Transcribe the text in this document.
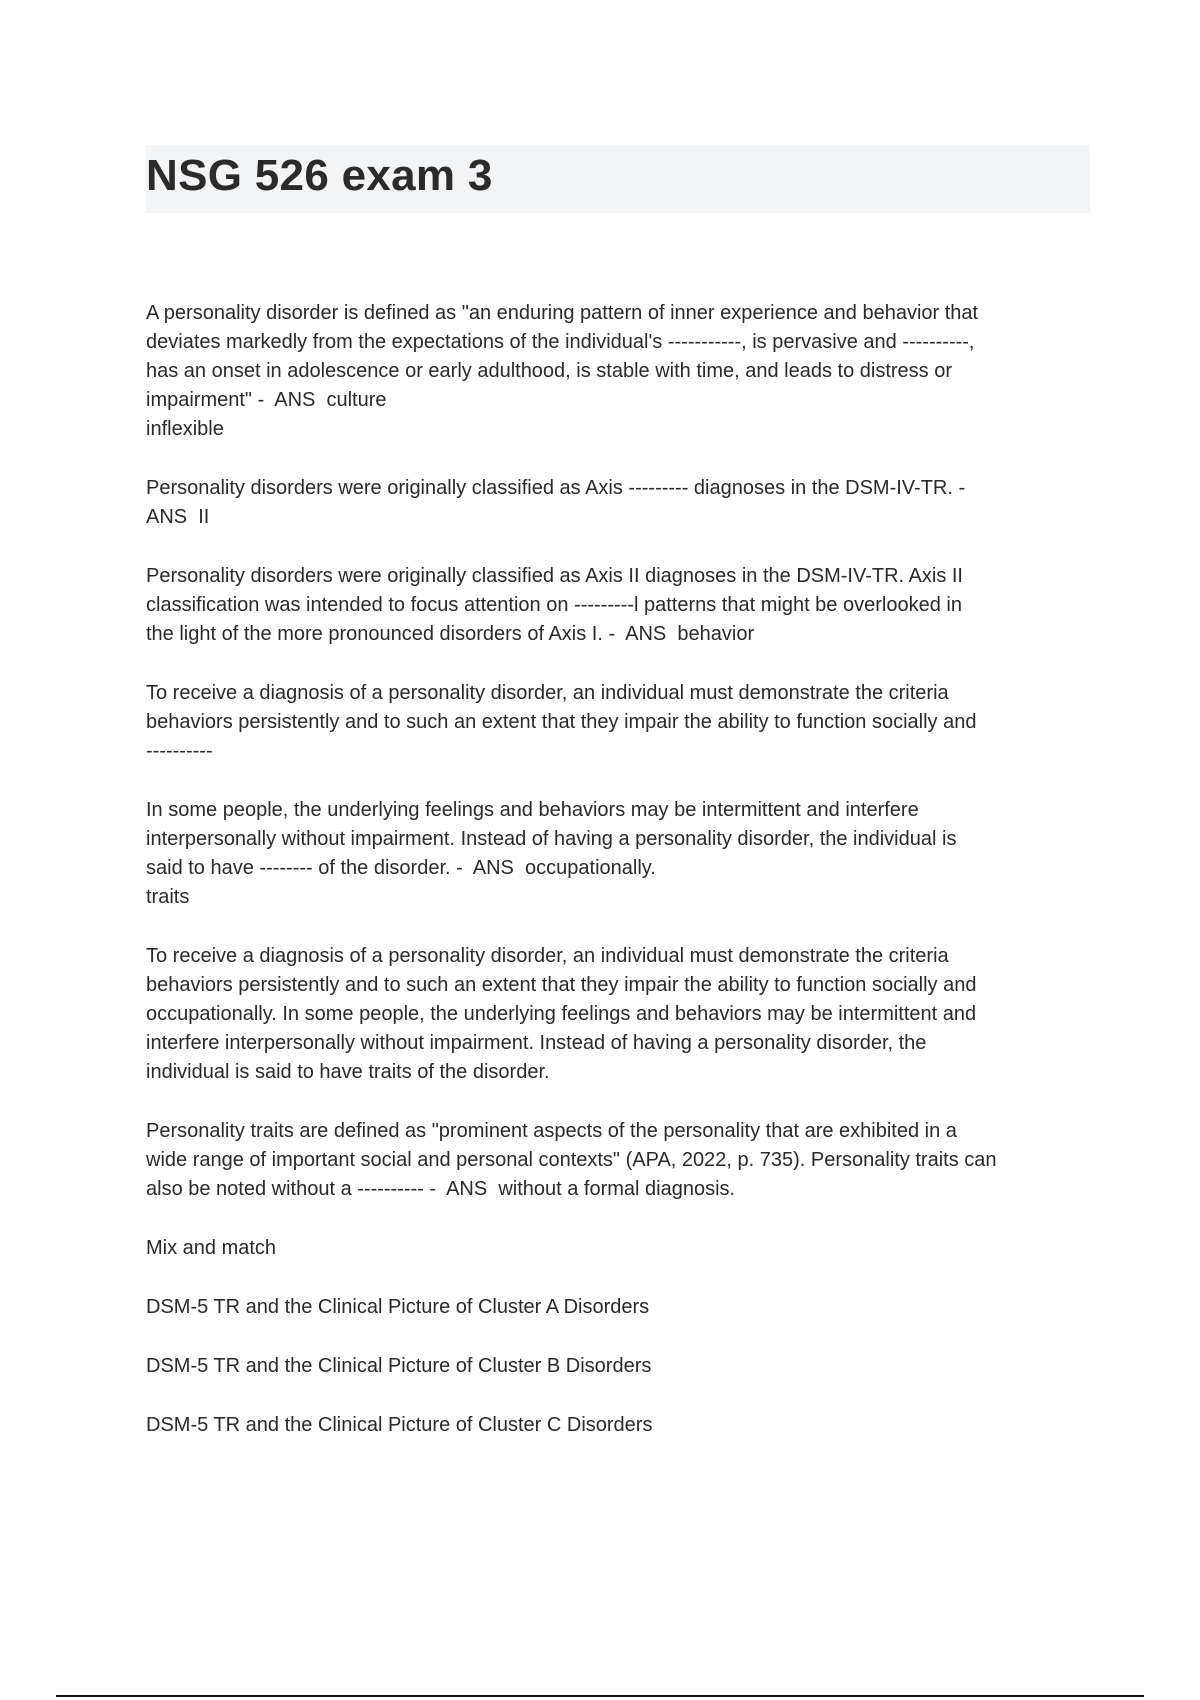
NSG 526 exam 3
A personality disorder is defined as "an enduring pattern of inner experience and behavior that
deviates markedly from the expectations of the individual's -----------, is pervasive and ----------,
has an onset in adolescence or early adulthood, is stable with time, and leads to distress or
impairment" -  ANS  culture
inflexible
Personality disorders were originally classified as Axis --------- diagnoses in the DSM-IV-TR. -
ANS  II
Personality disorders were originally classified as Axis II diagnoses in the DSM-IV-TR. Axis II
classification was intended to focus attention on ---------l patterns that might be overlooked in
the light of the more pronounced disorders of Axis I. -  ANS  behavior
To receive a diagnosis of a personality disorder, an individual must demonstrate the criteria
behaviors persistently and to such an extent that they impair the ability to function socially and
----------
In some people, the underlying feelings and behaviors may be intermittent and interfere
interpersonally without impairment. Instead of having a personality disorder, the individual is
said to have -------- of the disorder. -  ANS  occupationally.
traits
To receive a diagnosis of a personality disorder, an individual must demonstrate the criteria
behaviors persistently and to such an extent that they impair the ability to function socially and
occupationally. In some people, the underlying feelings and behaviors may be intermittent and
interfere interpersonally without impairment. Instead of having a personality disorder, the
individual is said to have traits of the disorder.
Personality traits are defined as "prominent aspects of the personality that are exhibited in a
wide range of important social and personal contexts" (APA, 2022, p. 735). Personality traits can
also be noted without a ---------- -  ANS  without a formal diagnosis.
Mix and match
DSM-5 TR and the Clinical Picture of Cluster A Disorders
DSM-5 TR and the Clinical Picture of Cluster B Disorders
DSM-5 TR and the Clinical Picture of Cluster C Disorders
